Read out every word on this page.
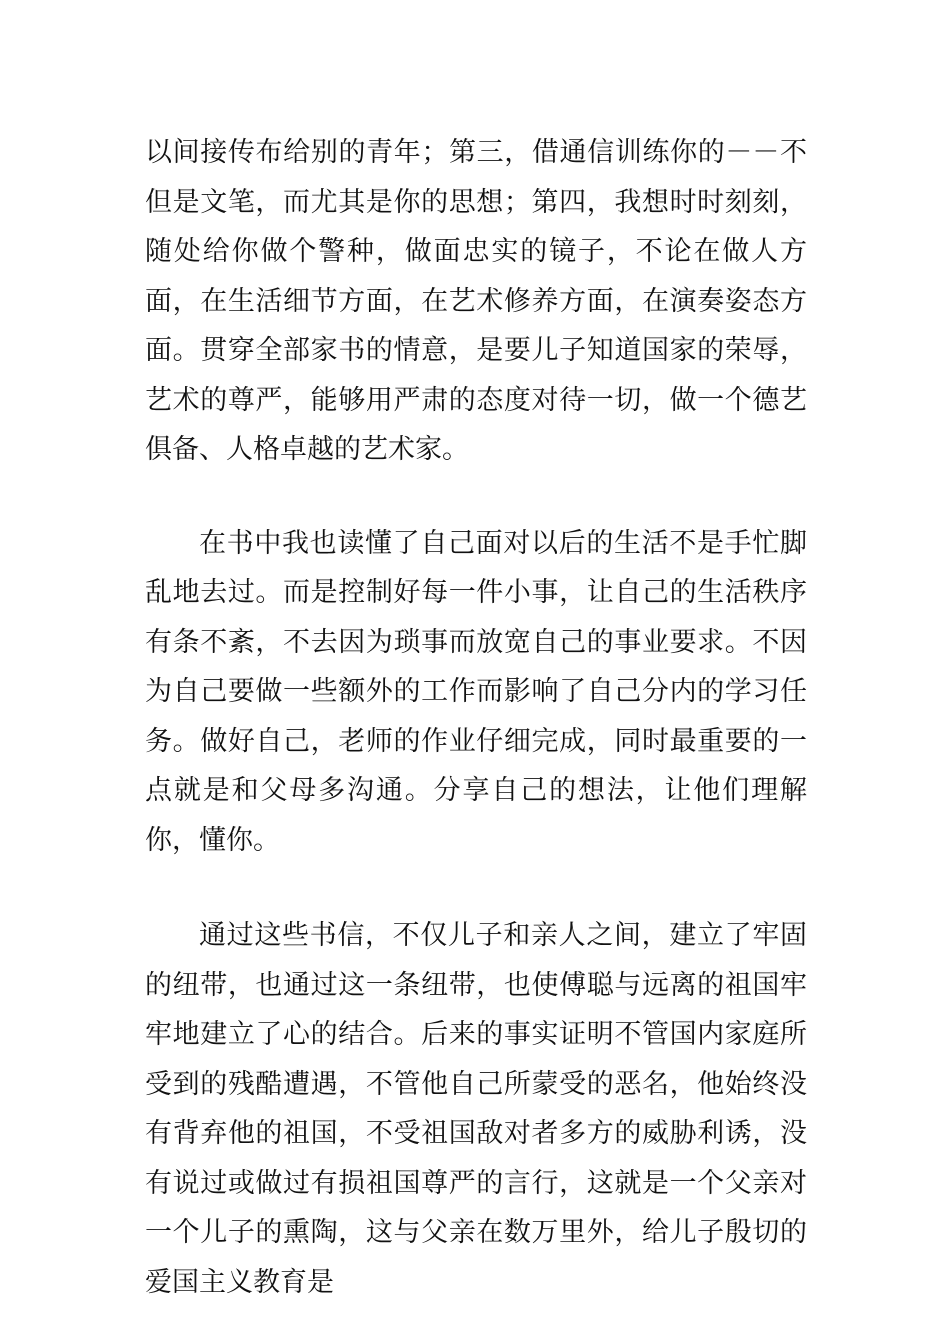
以间接传布给别的青年；第三，借通信训练你的－－不但是文笔，而尤其是你的思想；第四，我想时时刻刻，随处给你做个警种，做面忠实的镜子，不论在做人方面，在生活细节方面，在艺术修养方面，在演奏姿态方面。贯穿全部家书的情意，是要儿子知道国家的荣辱，艺术的尊严，能够用严肃的态度对待一切，做一个德艺俱备、人格卓越的艺术家。

在书中我也读懂了自己面对以后的生活不是手忙脚乱地去过。而是控制好每一件小事，让自己的生活秩序有条不紊，不去因为琐事而放宽自己的事业要求。不因为自己要做一些额外的工作而影响了自己分内的学习任务。做好自己，老师的作业仔细完成，同时最重要的一点就是和父母多沟通。分享自己的想法，让他们理解你，懂你。

通过这些书信，不仅儿子和亲人之间，建立了牢固的纽带，也通过这一条纽带，也使傅聪与远离的祖国牢牢地建立了心的结合。后来的事实证明不管国内家庭所受到的残酷遭遇，不管他自己所蒙受的恶名，他始终没有背弃他的祖国，不受祖国敌对者多方的威胁利诱，没有说过或做过有损祖国尊严的言行，这就是一个父亲对一个儿子的熏陶，这与父亲在数万里外，给儿子殷切的爱国主义教育是
